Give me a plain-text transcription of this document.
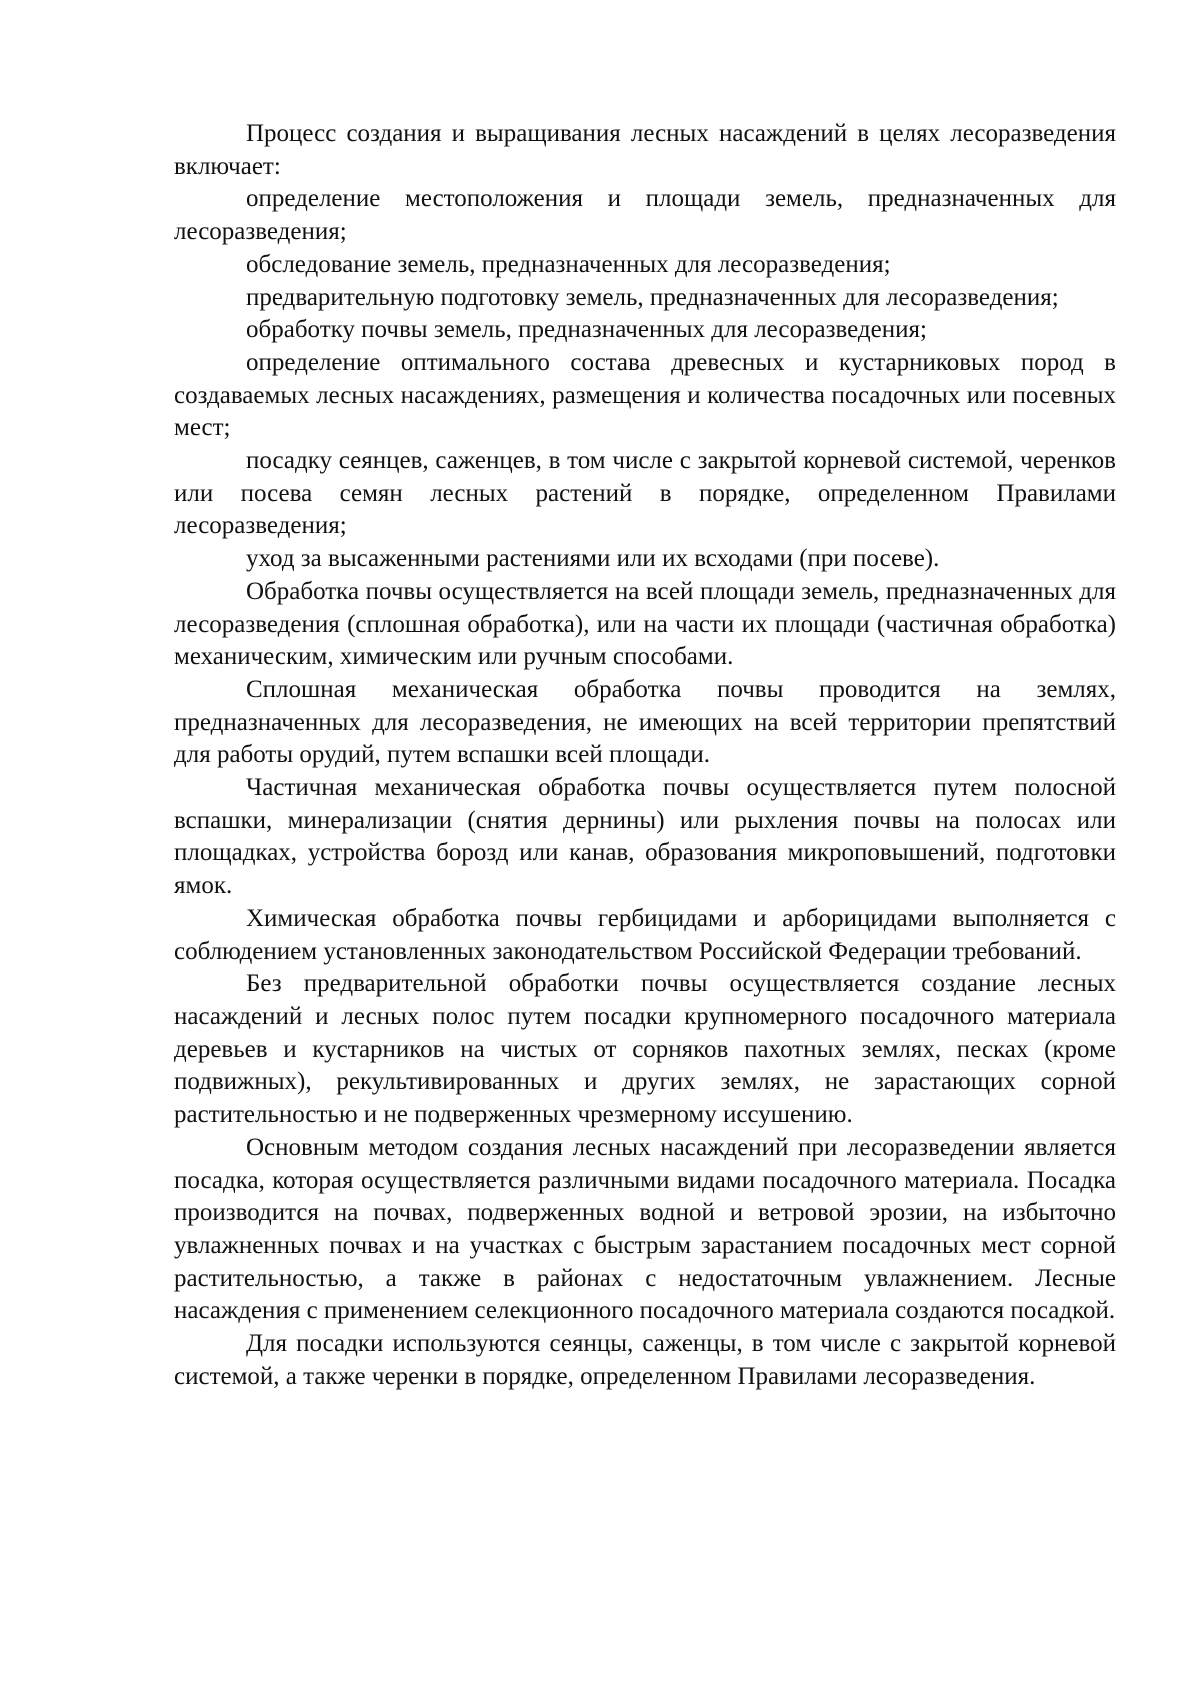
Процесс создания и выращивания лесных насаждений в целях лесоразведения включает:

определение местоположения и площади земель, предназначенных для лесоразведения;

обследование земель, предназначенных для лесоразведения;

предварительную подготовку земель, предназначенных для лесоразведения;

обработку почвы земель, предназначенных для лесоразведения;

определение оптимального состава древесных и кустарниковых пород в создаваемых лесных насаждениях, размещения и количества посадочных или посевных мест;

посадку сеянцев, саженцев, в том числе с закрытой корневой системой, черенков или посева семян лесных растений в порядке, определенном Правилами лесоразведения;

уход за высаженными растениями или их всходами (при посеве).

Обработка почвы осуществляется на всей площади земель, предназначенных для лесоразведения (сплошная обработка), или на части их площади (частичная обработка) механическим, химическим или ручным способами.

Сплошная механическая обработка почвы проводится на землях, предназначенных для лесоразведения, не имеющих на всей территории препятствий для работы орудий, путем вспашки всей площади.

Частичная механическая обработка почвы осуществляется путем полосной вспашки, минерализации (снятия дернины) или рыхления почвы на полосах или площадках, устройства борозд или канав, образования микроповышений, подготовки ямок.

Химическая обработка почвы гербицидами и арборицидами выполняется с соблюдением установленных законодательством Российской Федерации требований.

Без предварительной обработки почвы осуществляется создание лесных насаждений и лесных полос путем посадки крупномерного посадочного материала деревьев и кустарников на чистых от сорняков пахотных землях, песках (кроме подвижных), рекультивированных и других землях, не зарастающих сорной растительностью и не подверженных чрезмерному иссушению.

Основным методом создания лесных насаждений при лесоразведении является посадка, которая осуществляется различными видами посадочного материала. Посадка производится на почвах, подверженных водной и ветровой эрозии, на избыточно увлажненных почвах и на участках с быстрым зарастанием посадочных мест сорной растительностью, а также в районах с недостаточным увлажнением. Лесные насаждения с применением селекционного посадочного материала создаются посадкой.

Для посадки используются сеянцы, саженцы, в том числе с закрытой корневой системой, а также черенки в порядке, определенном Правилами лесоразведения.
